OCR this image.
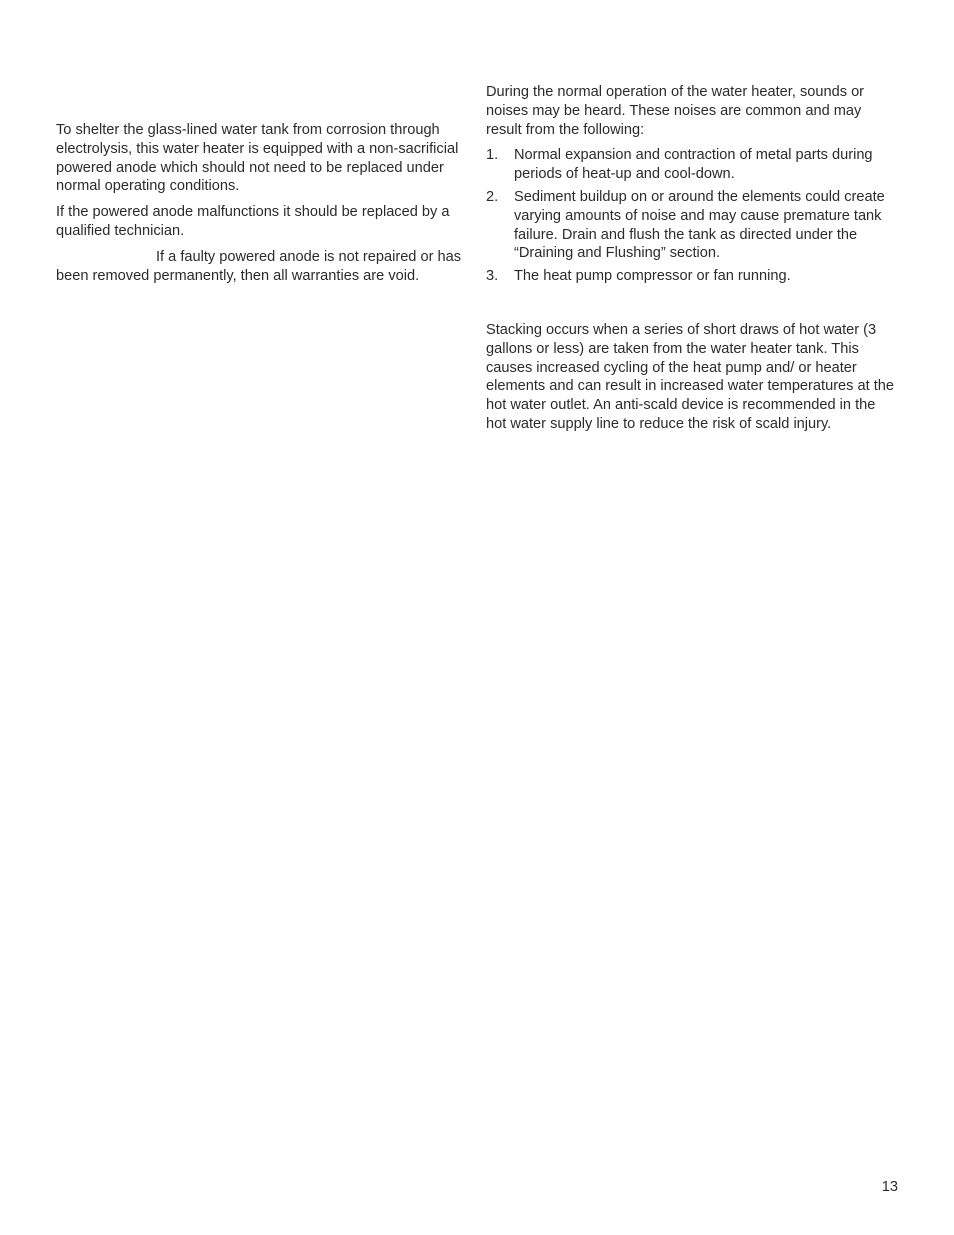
To shelter the glass-lined water tank from corrosion through electrolysis, this water heater is equipped with a non-sacrificial powered anode which should not need to be replaced under normal operating conditions.

If the powered anode malfunctions it should be replaced by a qualified technician.

If a faulty powered anode is not repaired or has been removed permanently, then all warranties are void.

During the normal operation of the water heater, sounds or noises may be heard. These noises are common and may result from the following:

1. Normal expansion and contraction of metal parts during periods of heat-up and cool-down.
2. Sediment buildup on or around the elements could create varying amounts of noise and may cause premature tank failure. Drain and flush the tank as directed under the “Draining and Flushing” section.
3. The heat pump compressor or fan running.

Stacking occurs when a series of short draws of hot water (3 gallons or less) are taken from the water heater tank. This causes increased cycling of the heat pump and/ or heater elements and can result in increased water temperatures at the hot water outlet. An anti-scald device is recommended in the hot water supply line to reduce the risk of scald injury.

13
